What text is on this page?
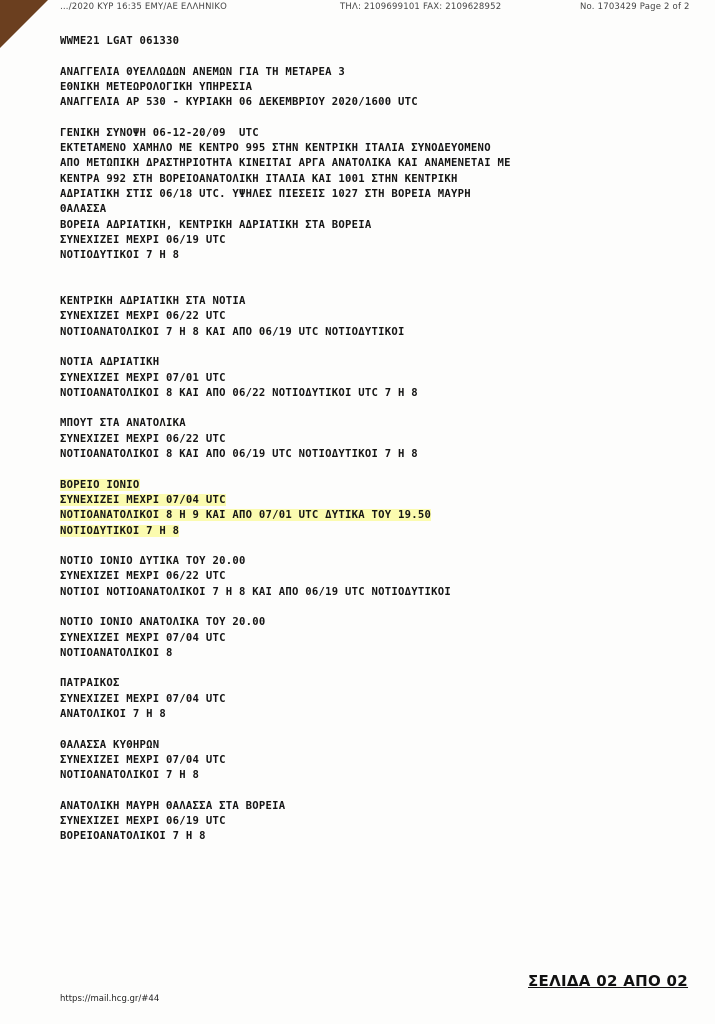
…/2020 ΚΥΡ 16:35 ΕΜΥ/ΑΕ ΕΛΛΗΝΙΚΟ	ΤΗΛ: 2109699101 FAX: 2109628952	No. 1703429 Page 2 of 2
WWME21 LGAT 061330
ΑΝΑΓΓΕΛΙΑ ΘΥΕΛΛΩΔΩΝ ΑΝΕΜΩΝ ΓΙΑ ΤΗ ΜΕΤΑΡΕΑ 3
ΕΘΝΙΚΗ ΜΕΤΕΩΡΟΛΟΓΙΚΗ ΥΠΗΡΕΣΙΑ
ΑΝΑΓΓΕΛΙΑ ΑΡ 530 - ΚΥΡΙΑΚΗ 06 ΔΕΚΕΜΒΡΙΟΥ 2020/1600 UTC
ΓΕΝΙΚΗ ΣΥΝΟΨΗ 06-12-20/09  UTC
ΕΚΤΕΤΑΜΕΝΟ ΧΑΜΗΛΟ ΜΕ ΚΕΝΤΡΟ 995 ΣΤΗΝ ΚΕΝΤΡΙΚΗ ΙΤΑΛΙΑ ΣΥΝΟΔΕΥΟΜΕΝΟ
ΑΠΟ ΜΕΤΩΠΙΚΗ ΔΡΑΣΤΗΡΙΟΤΗΤΑ ΚΙΝΕΙΤΑΙ ΑΡΓΑ ΑΝΑΤΟΛΙΚΑ ΚΑΙ ΑΝΑΜΕΝΕΤΑΙ ΜΕ
ΚΕΝΤΡΑ 992 ΣΤΗ ΒΟΡΕΙΟΑΝΑΤΟΛΙΚΗ ΙΤΑΛΙΑ ΚΑΙ 1001 ΣΤΗΝ ΚΕΝΤΡΙΚΗ
ΑΔΡΙΑΤΙΚΗ ΣΤΙΣ 06/18 UTC. ΥΨΗΛΕΣ ΠΙΕΣΕΙΣ 1027 ΣΤΗ ΒΟΡΕΙΑ ΜΑΥΡΗ
ΘΑΛΑΣΣΑ
ΒΟΡΕΙΑ ΑΔΡΙΑΤΙΚΗ, ΚΕΝΤΡΙΚΗ ΑΔΡΙΑΤΙΚΗ ΣΤΑ ΒΟΡΕΙΑ
ΣΥΝΕΧΙΖΕΙ ΜΕΧΡΙ 06/19 UTC
ΝΟΤΙΟΔΥΤΙΚΟΙ 7 Η 8
ΚΕΝΤΡΙΚΗ ΑΔΡΙΑΤΙΚΗ ΣΤΑ ΝΟΤΙΑ
ΣΥΝΕΧΙΖΕΙ ΜΕΧΡΙ 06/22 UTC
ΝΟΤΙΟΑΝΑΤΟΛΙΚΟΙ 7 Η 8 ΚΑΙ ΑΠΟ 06/19 UTC ΝΟΤΙΟΔΥΤΙΚΟΙ
ΝΟΤΙΑ ΑΔΡΙΑΤΙΚΗ
ΣΥΝΕΧΙΖΕΙ ΜΕΧΡΙ 07/01 UTC
ΝΟΤΙΟΑΝΑΤΟΛΙΚΟΙ 8 ΚΑΙ ΑΠΟ 06/22 ΝΟΤΙΟΔΥΤΙΚΟΙ UTC 7 Η 8
ΜΠΟΥΤ ΣΤΑ ΑΝΑΤΟΛΙΚΑ
ΣΥΝΕΧΙΖΕΙ ΜΕΧΡΙ 06/22 UTC
ΝΟΤΙΟΑΝΑΤΟΛΙΚΟΙ 8 ΚΑΙ ΑΠΟ 06/19 UTC ΝΟΤΙΟΔΥΤΙΚΟΙ 7 Η 8
ΒΟΡΕΙΟ ΙΟΝΙΟ
ΣΥΝΕΧΙΖΕΙ ΜΕΧΡΙ 07/04 UTC
ΝΟΤΙΟΑΝΑΤΟΛΙΚΟΙ 8 Η 9 ΚΑΙ ΑΠΟ 07/01 UTC ΔΥΤΙΚΑ ΤΟΥ 19.50
ΝΟΤΙΟΔΥΤΙΚΟΙ 7 Η 8
ΝΟΤΙΟ ΙΟΝΙΟ ΔΥΤΙΚΑ ΤΟΥ 20.00
ΣΥΝΕΧΙΖΕΙ ΜΕΧΡΙ 06/22 UTC
ΝΟΤΙΟΙ ΝΟΤΙΟΑΝΑΤΟΛΙΚΟΙ 7 Η 8 ΚΑΙ ΑΠΟ 06/19 UTC ΝΟΤΙΟΔΥΤΙΚΟΙ
ΝΟΤΙΟ ΙΟΝΙΟ ΑΝΑΤΟΛΙΚΑ ΤΟΥ 20.00
ΣΥΝΕΧΙΖΕΙ ΜΕΧΡΙ 07/04 UTC
ΝΟΤΙΟΑΝΑΤΟΛΙΚΟΙ 8
ΠΑΤΡΑΙΚΟΣ
ΣΥΝΕΧΙΖΕΙ ΜΕΧΡΙ 07/04 UTC
ΑΝΑΤΟΛΙΚΟΙ 7 Η 8
ΘΑΛΑΣΣΑ ΚΥΘΗΡΩΝ
ΣΥΝΕΧΙΖΕΙ ΜΕΧΡΙ 07/04 UTC
ΝΟΤΙΟΑΝΑΤΟΛΙΚΟΙ 7 Η 8
ΑΝΑΤΟΛΙΚΗ ΜΑΥΡΗ ΘΑΛΑΣΣΑ ΣΤΑ ΒΟΡΕΙΑ
ΣΥΝΕΧΙΖΕΙ ΜΕΧΡΙ 06/19 UTC
ΒΟΡΕΙΟΑΝΑΤΟΛΙΚΟΙ 7 Η 8
https://mail.hcg.gr/#44
ΣΕΛΙΔΑ 02 ΑΠΟ 02
